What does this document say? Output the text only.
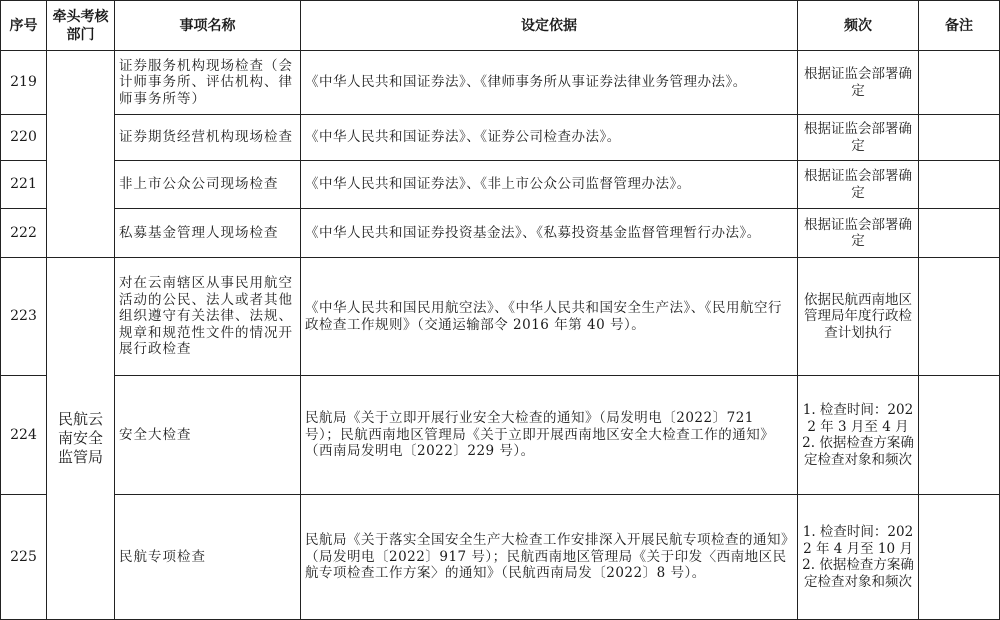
序号	牵头考核部门	事项名称	设定依据	频次	备注
219		证券服务机构现场检查（会计师事务所、评估机构、律师事务所等）	《中华人民共和国证券法》、《律师事务所从事证券法律业务管理办法》。	根据证监会部署确定	
220		证券期货经营机构现场检查	《中华人民共和国证券法》、《证券公司检查办法》。	根据证监会部署确定	
221		非上市公众公司现场检查	《中华人民共和国证券法》、《非上市公众公司监督管理办法》。	根据证监会部署确定	
222		私募基金管理人现场检查	《中华人民共和国证券投资基金法》、《私募投资基金监督管理暂行办法》。	根据证监会部署确定	
223	民航云南安全监管局	对在云南辖区从事民用航空活动的公民、法人或者其他组织遵守有关法律、法规、规章和规范性文件的情况开展行政检查	《中华人民共和国民用航空法》、《中华人民共和国安全生产法》、《民用航空行政检查工作规则》（交通运输部令 2016 年第 40 号）。	依据民航西南地区管理局年度行政检查计划执行	
224		安全大检查	民航局《关于立即开展行业安全大检查的通知》（局发明电〔2022〕721 号）；民航西南地区管理局《关于立即开展西南地区安全大检查工作的通知》（西南局发明电〔2022〕229 号）。	1. 检查时间：2022 年 3 月至 4 月 2. 依据检查方案确定检查对象和频次	
225		民航专项检查	民航局《关于落实全国安全生产大检查工作安排深入开展民航专项检查的通知》（局发明电〔2022〕917 号）；民航西南地区管理局《关于印发〈西南地区民航专项检查工作方案〉的通知》（民航西南局发〔2022〕8 号）。	1. 检查时间：2022 年 4 月至 10 月 2. 依据检查方案确定检查对象和频次	
